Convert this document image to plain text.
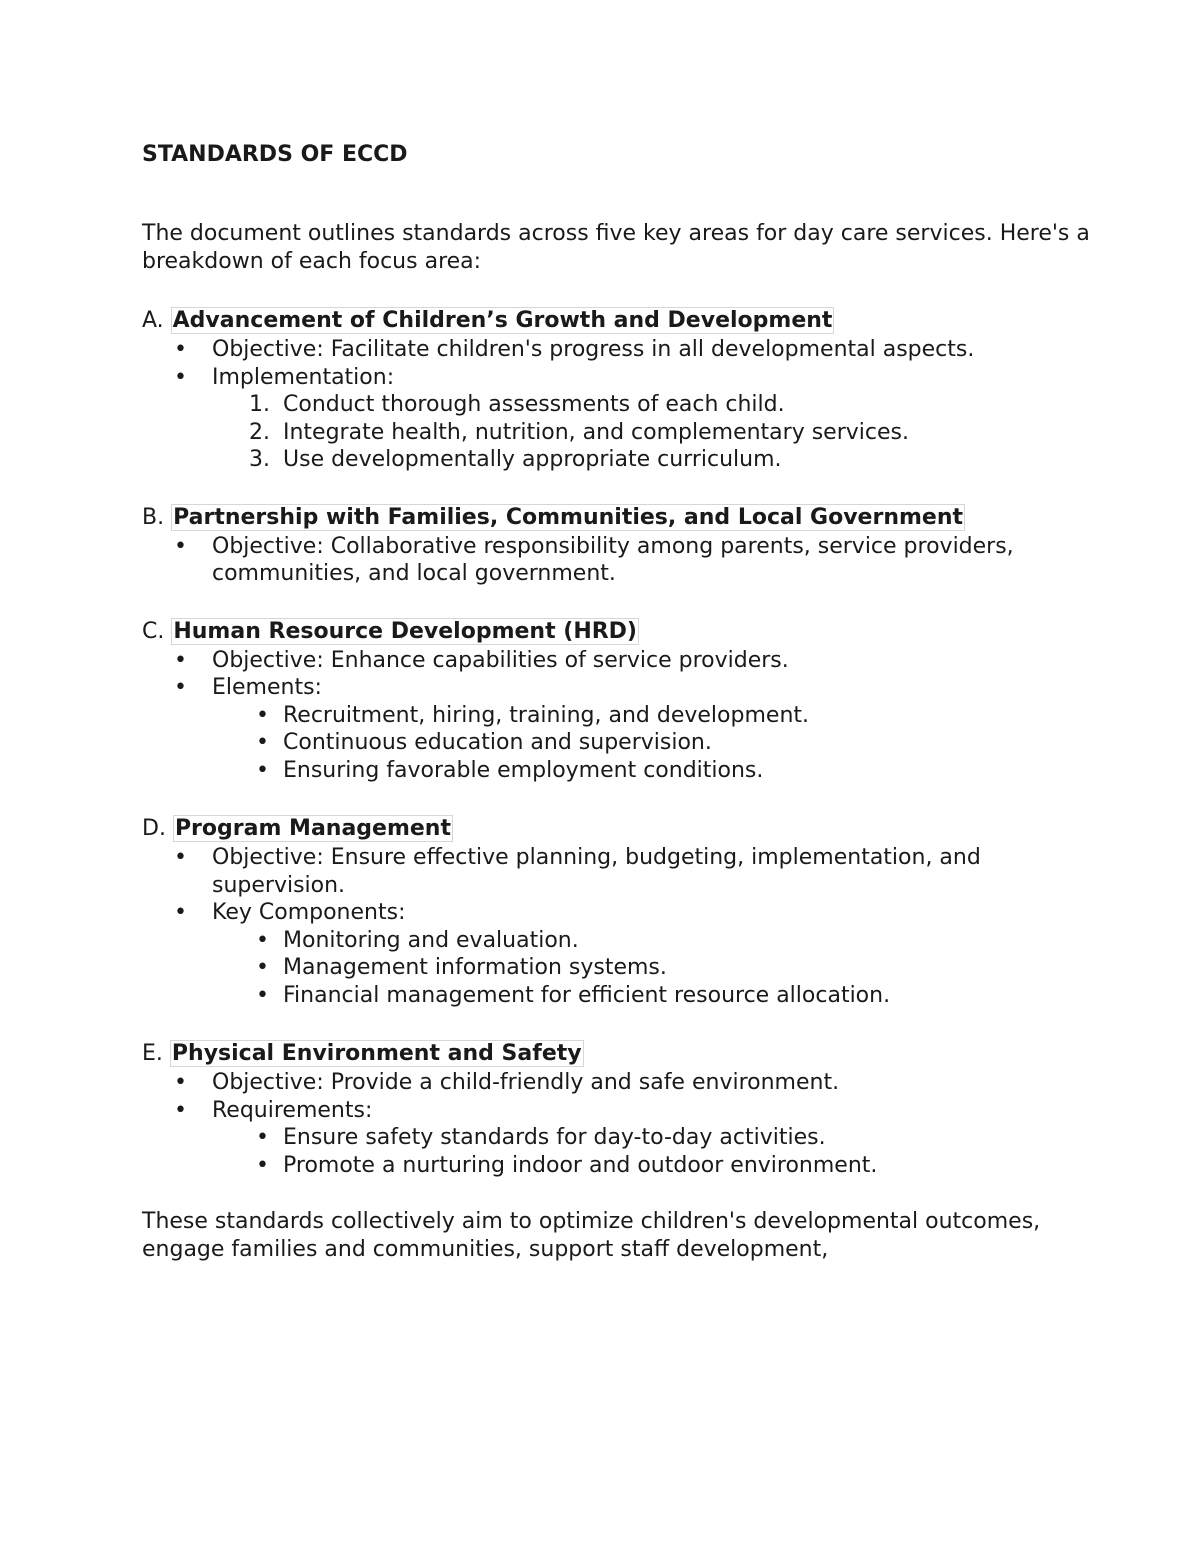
STANDARDS OF ECCD

The document outlines standards across five key areas for day care services. Here's a breakdown of each focus area:

A. Advancement of Children’s Growth and Development

• Objective: Facilitate children's progress in all developmental aspects.
• Implementation:
1. Conduct thorough assessments of each child.
2. Integrate health, nutrition, and complementary services.
3. Use developmentally appropriate curriculum.

B. Partnership with Families, Communities, and Local Government

• Objective: Collaborative responsibility among parents, service providers, communities, and local government.

C. Human Resource Development (HRD)

• Objective: Enhance capabilities of service providers.
• Elements:
• Recruitment, hiring, training, and development.
• Continuous education and supervision.
• Ensuring favorable employment conditions.

D. Program Management

• Objective: Ensure effective planning, budgeting, implementation, and supervision.
• Key Components:
• Monitoring and evaluation.
• Management information systems.
• Financial management for efficient resource allocation.

E. Physical Environment and Safety

• Objective: Provide a child-friendly and safe environment.
• Requirements:
• Ensure safety standards for day-to-day activities.
• Promote a nurturing indoor and outdoor environment.

These standards collectively aim to optimize children's developmental outcomes, engage families and communities, support staff development,
